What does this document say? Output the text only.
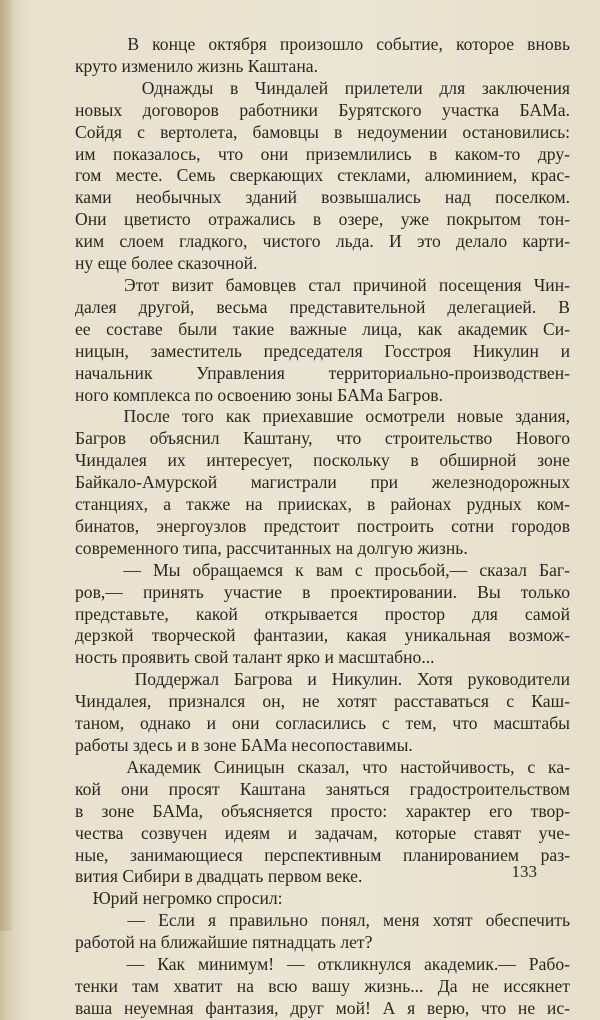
В конце октября произошло событие, которое вновь
круто изменило жизнь Каштана.
Однажды в Чиндалей прилетели для заключения
новых договоров работники Бурятского участка БАМа.
Сойдя с вертолета, бамовцы в недоумении остановились:
им показалось, что они приземлились в каком-то дру-
гом месте. Семь сверкающих стеклами, алюминием, крас-
ками необычных зданий возвышались над поселком.
Они цветисто отражались в озере, уже покрытом тон-
ким слоем гладкого, чистого льда. И это делало карти-
ну еще более сказочной.
Этот визит бамовцев стал причиной посещения Чин-
далея другой, весьма представительной делегацией. В
ее составе были такие важные лица, как академик Си-
ницын, заместитель председателя Госстроя Никулин и
начальник Управления территориально-производствен-
ного комплекса по освоению зоны БАМа Багров.
После того как приехавшие осмотрели новые здания,
Багров объяснил Каштану, что строительство Нового
Чиндалея их интересует, поскольку в обширной зоне
Байкало-Амурской магистрали при железнодорожных
станциях, а также на приисках, в районах рудных ком-
бинатов, энергоузлов предстоит построить сотни городов
современного типа, рассчитанных на долгую жизнь.
— Мы обращаемся к вам с просьбой,— сказал Баг-
ров,— принять участие в проектировании. Вы только
представьте, какой открывается простор для самой
дерзкой творческой фантазии, какая уникальная возмож-
ность проявить свой талант ярко и масштабно...
Поддержал Багрова и Никулин. Хотя руководители
Чиндалея, признался он, не хотят расставаться с Каш-
таном, однако и они согласились с тем, что масштабы
работы здесь и в зоне БАМа несопоставимы.
Академик Синицын сказал, что настойчивость, с ка-
кой они просят Каштана заняться градостроительством
в зоне БАМа, объясняется просто: характер его твор-
чества созвучен идеям и задачам, которые ставят уче-
ные, занимающиеся перспективным планированием раз-
вития Сибири в двадцать первом веке.
Юрий негромко спросил:
— Если я правильно понял, меня хотят обеспечить
работой на ближайшие пятнадцать лет?
— Как минимум! — откликнулся академик.— Рабо-
тенки там хватит на всю вашу жизнь... Да не иссякнет
ваша неуемная фантазия, друг мой! А я верю, что не ис-
133
